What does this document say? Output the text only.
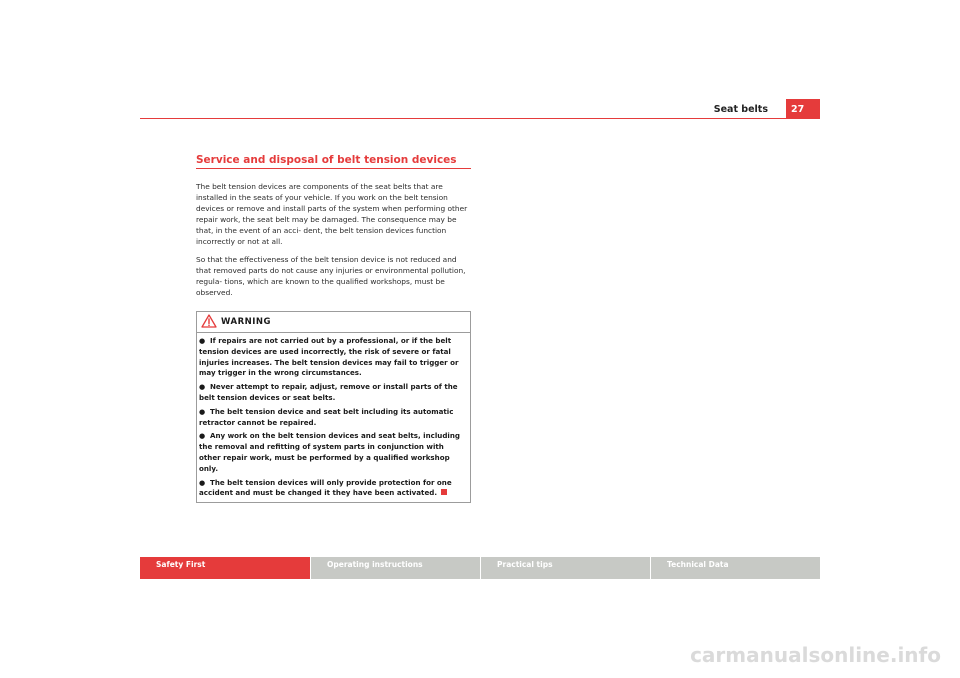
Seat belts 27
Service and disposal of belt tension devices

The belt tension devices are components of the seat belts that are installed in the seats of your vehicle. If you work on the belt tension devices or remove and install parts of the system when performing other repair work, the seat belt may be damaged. The consequence may be that, in the event of an acci- dent, the belt tension devices function incorrectly or not at all.

So that the effectiveness of the belt tension device is not reduced and that removed parts do not cause any injuries or environmental pollution, regula- tions, which are known to the qualified workshops, must be observed.

WARNING

● If repairs are not carried out by a professional, or if the belt tension devices are used incorrectly, the risk of severe or fatal injuries increases. The belt tension devices may fail to trigger or may trigger in the wrong circumstances.

● Never attempt to repair, adjust, remove or install parts of the belt tension devices or seat belts.

● The belt tension device and seat belt including its automatic retractor cannot be repaired.

● Any work on the belt tension devices and seat belts, including the removal and refitting of system parts in conjunction with other repair work, must be performed by a qualified workshop only.

● The belt tension devices will only provide protection for one accident and must be changed it they have been activated.

Safety First	Operating instructions	Practical tips	Technical Data
carmanualsonline.info
